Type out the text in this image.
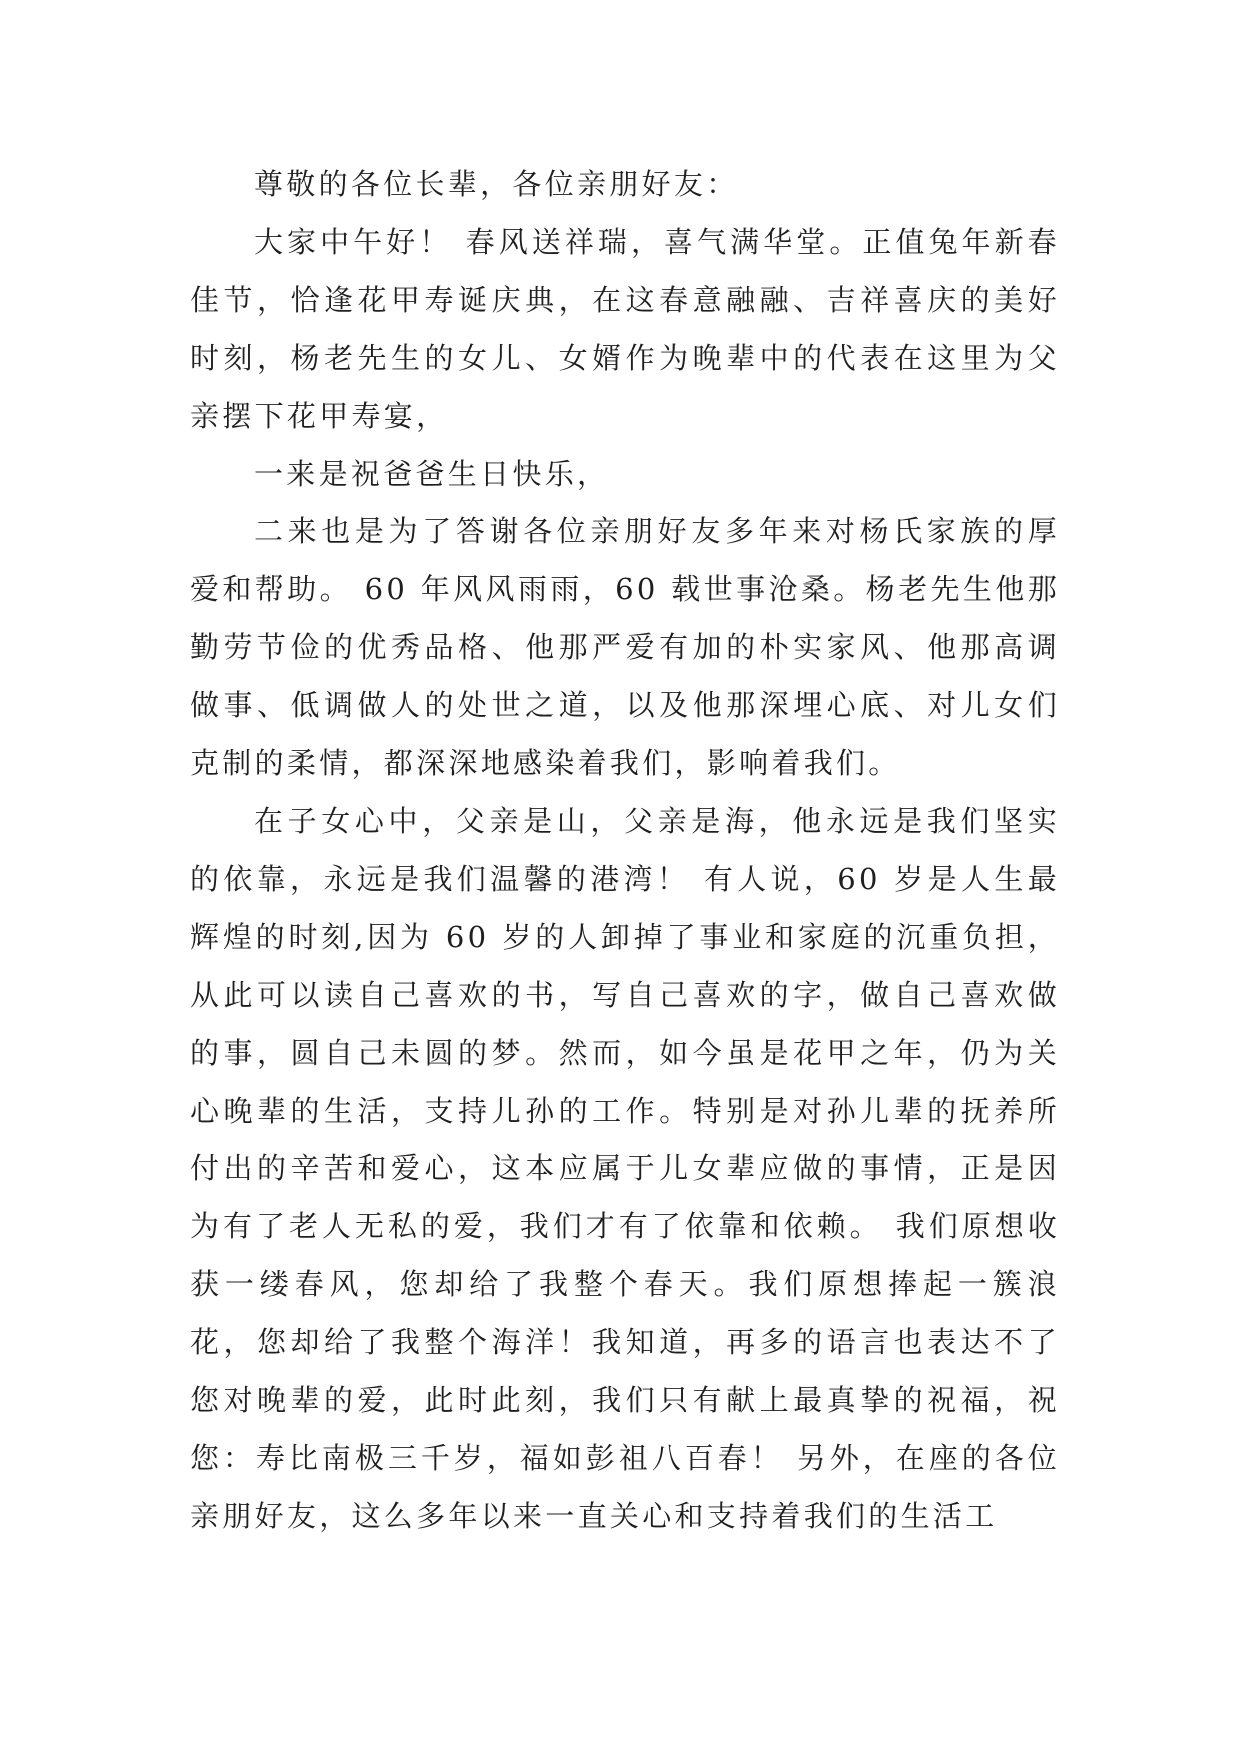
尊敬的各位长辈，各位亲朋好友：

大家中午好！ 春风送祥瑞，喜气满华堂。正值兔年新春佳节，恰逢花甲寿诞庆典，在这春意融融、吉祥喜庆的美好时刻，杨老先生的女儿、女婿作为晚辈中的代表在这里为父亲摆下花甲寿宴，

一来是祝爸爸生日快乐，

二来也是为了答谢各位亲朋好友多年来对杨氏家族的厚爱和帮助。 60 年风风雨雨，60 载世事沧桑。杨老先生他那勤劳节俭的优秀品格、他那严爱有加的朴实家风、他那高调做事、低调做人的处世之道，以及他那深埋心底、对儿女们克制的柔情，都深深地感染着我们，影响着我们。

在子女心中，父亲是山，父亲是海，他永远是我们坚实的依靠，永远是我们温馨的港湾！ 有人说，60 岁是人生最辉煌的时刻,因为 60 岁的人卸掉了事业和家庭的沉重负担，从此可以读自己喜欢的书，写自己喜欢的字，做自己喜欢做的事，圆自己未圆的梦。然而，如今虽是花甲之年，仍为关心晚辈的生活，支持儿孙的工作。特别是对孙儿辈的抚养所付出的辛苦和爱心，这本应属于儿女辈应做的事情，正是因为有了老人无私的爱，我们才有了依靠和依赖。 我们原想收获一缕春风，您却给了我整个春天。我们原想捧起一簇浪花，您却给了我整个海洋！我知道，再多的语言也表达不了您对晚辈的爱，此时此刻，我们只有献上最真挚的祝福，祝您：寿比南极三千岁，福如彭祖八百春！ 另外，在座的各位亲朋好友，这么多年以来一直关心和支持着我们的生活工
